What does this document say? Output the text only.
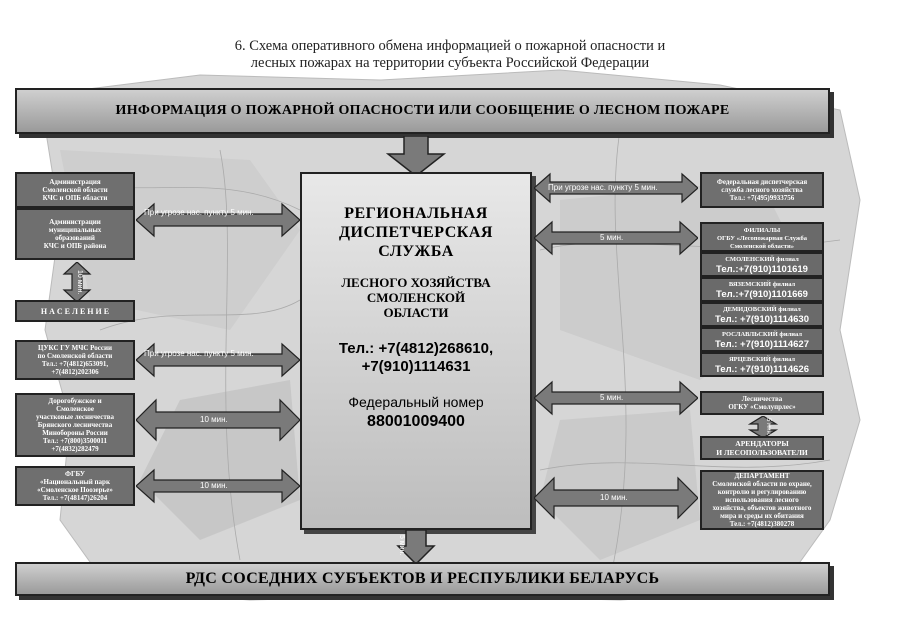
6. Схема оперативного обмена информацией о пожарной опасности и
лесных пожарах на территории субъекта Российской Федерации
ИНФОРМАЦИЯ О ПОЖАРНОЙ ОПАСНОСТИ ИЛИ СООБЩЕНИЕ О ЛЕСНОМ ПОЖАРЕ
РЕГИОНАЛЬНАЯ
ДИСПЕТЧЕРСКАЯ
СЛУЖБА
ЛЕСНОГО ХОЗЯЙСТВА
СМОЛЕНСКОЙ
ОБЛАСТИ
Тел.: +7(4812)268610,
+7(910)1114631
Федеральный номер
88001009400
5 мин.
РДС СОСЕДНИХ СУБЪЕКТОВ И РЕСПУБЛИКИ БЕЛАРУСЬ
Администрация
Смоленской области
КЧС и ОПБ области
Администрации
муниципальных
образований
КЧС и ОПБ района
10 мин.
Н А С Е Л Е Н И Е
ЦУКС ГУ МЧС России
по Смоленской области
Тел.: +7(4812)653091,
+7(4812)202306
Дорогобужское и
Смоленское
участковые лесничества
Брянского лесничества
Минобороны России
Тел.: +7(800)3500011
+7(4832)282479
ФГБУ
«Национальный парк
«Смоленское Поозерье»
Тел.: +7(48147)26204
При угрозе нас. пункту 5 мин.
При угрозе нас. пункту 5 мин.
10 мин.
10 мин.
Федеральная диспетчерская
служба лесного хозяйства
Тел.: +7(495)9933756
ФИЛИАЛЫ
ОГБУ «Лесопожарная Служба
Смоленской области»
СМОЛЕНСКИЙ филиал
Тел.:+7(910)1101619
ВЯЗЕМСКИЙ филиал
Тел.:+7(910)1101669
ДЕМИДОВСКИЙ филиал
Тел.: +7(910)1114630
РОСЛАВЛЬСКИЙ филиал
Тел.: +7(910)1114627
ЯРЦЕВСКИЙ филиал
Тел.: +7(910)1114626
Лесничества
ОГКУ «Смолупрлес»
5 мин.
АРЕНДАТОРЫ
И ЛЕСОПОЛЬЗОВАТЕЛИ
ДЕПАРТАМЕНТ
Смоленской области по охране,
контролю и регулированию
использования лесного
хозяйства, объектов животного
мира и среды их обитания
Тел.: +7(4812)380278
При угрозе нас. пункту 5 мин.
5 мин.
5 мин.
10 мин.
